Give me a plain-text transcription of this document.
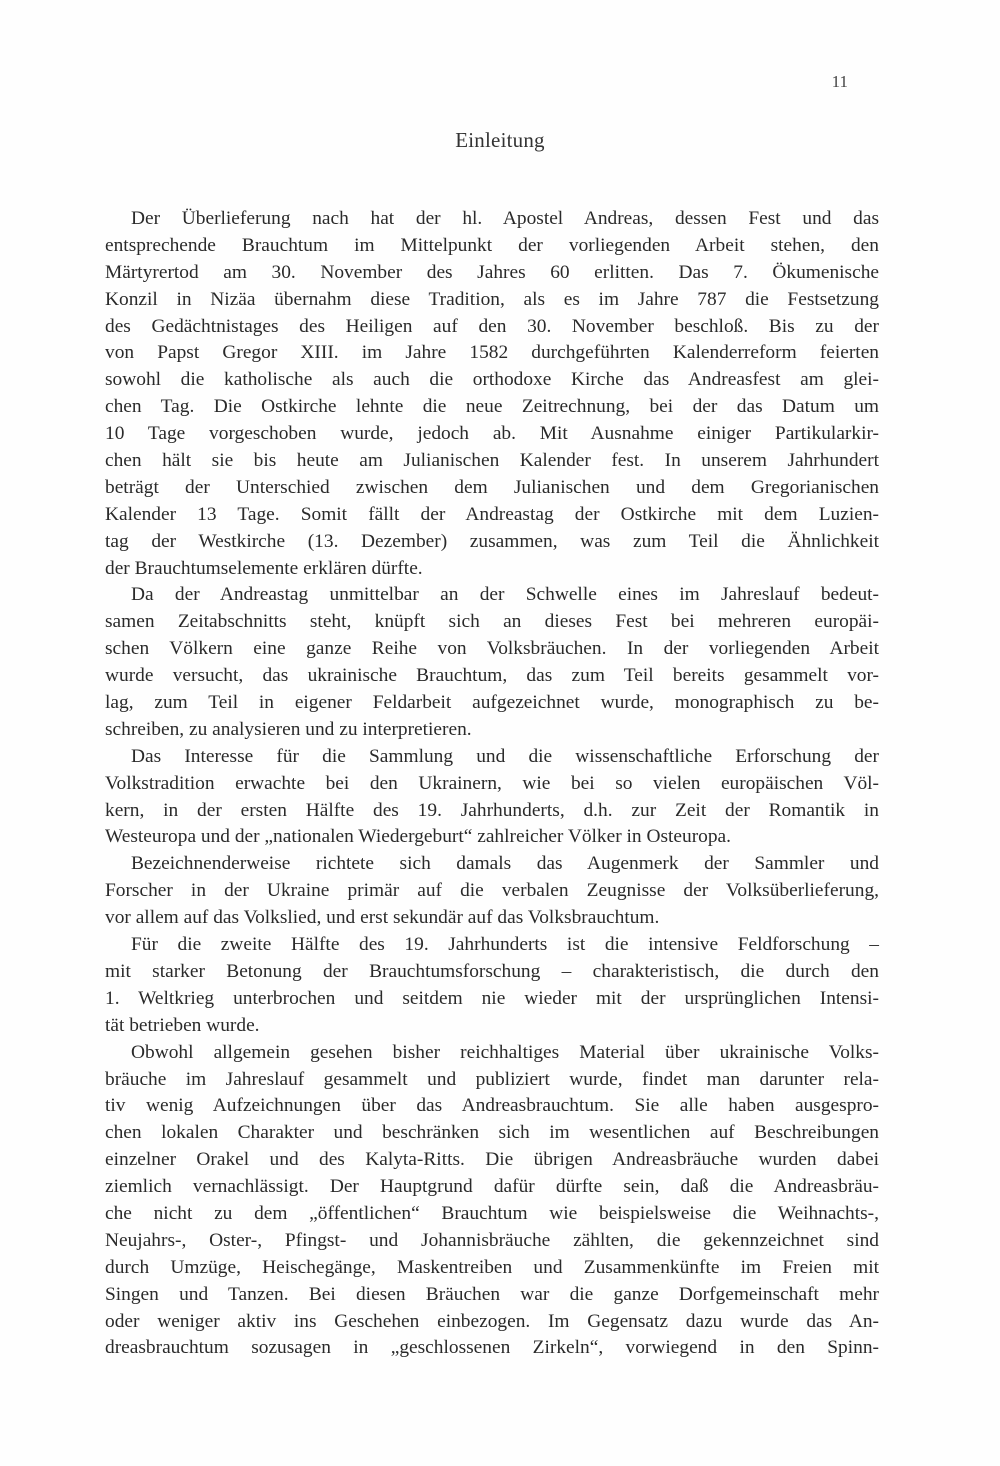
11
Einleitung
Der Überlieferung nach hat der hl. Apostel Andreas, dessen Fest und das
entsprechende Brauchtum im Mittelpunkt der vorliegenden Arbeit stehen, den
Märtyrertod am 30. November des Jahres 60 erlitten. Das 7. Ökumenische
Konzil in Nizäa übernahm diese Tradition, als es im Jahre 787 die Festsetzung
des Gedächtnistages des Heiligen auf den 30. November beschloß. Bis zu der
von Papst Gregor XIII. im Jahre 1582 durchgeführten Kalenderreform feierten
sowohl die katholische als auch die orthodoxe Kirche das Andreasfest am glei-
chen Tag. Die Ostkirche lehnte die neue Zeitrechnung, bei der das Datum um
10 Tage vorgeschoben wurde, jedoch ab. Mit Ausnahme einiger Partikularkir-
chen hält sie bis heute am Julianischen Kalender fest. In unserem Jahrhundert
beträgt der Unterschied zwischen dem Julianischen und dem Gregorianischen
Kalender 13 Tage. Somit fällt der Andreastag der Ostkirche mit dem Luzien-
tag der Westkirche (13. Dezember) zusammen, was zum Teil die Ähnlichkeit
der Brauchtumselemente erklären dürfte.
Da der Andreastag unmittelbar an der Schwelle eines im Jahreslauf bedeut-
samen Zeitabschnitts steht, knüpft sich an dieses Fest bei mehreren europäi-
schen Völkern eine ganze Reihe von Volksbräuchen. In der vorliegenden Arbeit
wurde versucht, das ukrainische Brauchtum, das zum Teil bereits gesammelt vor-
lag, zum Teil in eigener Feldarbeit aufgezeichnet wurde, monographisch zu be-
schreiben, zu analysieren und zu interpretieren.
Das Interesse für die Sammlung und die wissenschaftliche Erforschung der
Volkstradition erwachte bei den Ukrainern, wie bei so vielen europäischen Völ-
kern, in der ersten Hälfte des 19. Jahrhunderts, d.h. zur Zeit der Romantik in
Westeuropa und der „nationalen Wiedergeburt“ zahlreicher Völker in Osteuropa.
Bezeichnenderweise richtete sich damals das Augenmerk der Sammler und
Forscher in der Ukraine primär auf die verbalen Zeugnisse der Volksüberlieferung,
vor allem auf das Volkslied, und erst sekundär auf das Volksbrauchtum.
Für die zweite Hälfte des 19. Jahrhunderts ist die intensive Feldforschung –
mit starker Betonung der Brauchtumsforschung – charakteristisch, die durch den
1. Weltkrieg unterbrochen und seitdem nie wieder mit der ursprünglichen Intensi-
tät betrieben wurde.
Obwohl allgemein gesehen bisher reichhaltiges Material über ukrainische Volks-
bräuche im Jahreslauf gesammelt und publiziert wurde, findet man darunter rela-
tiv wenig Aufzeichnungen über das Andreasbrauchtum. Sie alle haben ausgespro-
chen lokalen Charakter und beschränken sich im wesentlichen auf Beschreibungen
einzelner Orakel und des Kalyta-Ritts. Die übrigen Andreasbräuche wurden dabei
ziemlich vernachlässigt. Der Hauptgrund dafür dürfte sein, daß die Andreasbräu-
che nicht zu dem „öffentlichen“ Brauchtum wie beispielsweise die Weihnachts-,
Neujahrs-, Oster-, Pfingst- und Johannisbräuche zählten, die gekennzeichnet sind
durch Umzüge, Heischegänge, Maskentreiben und Zusammenkünfte im Freien mit
Singen und Tanzen. Bei diesen Bräuchen war die ganze Dorfgemeinschaft mehr
oder weniger aktiv ins Geschehen einbezogen. Im Gegensatz dazu wurde das An-
dreasbrauchtum sozusagen in „geschlossenen Zirkeln“, vorwiegend in den Spinn-
